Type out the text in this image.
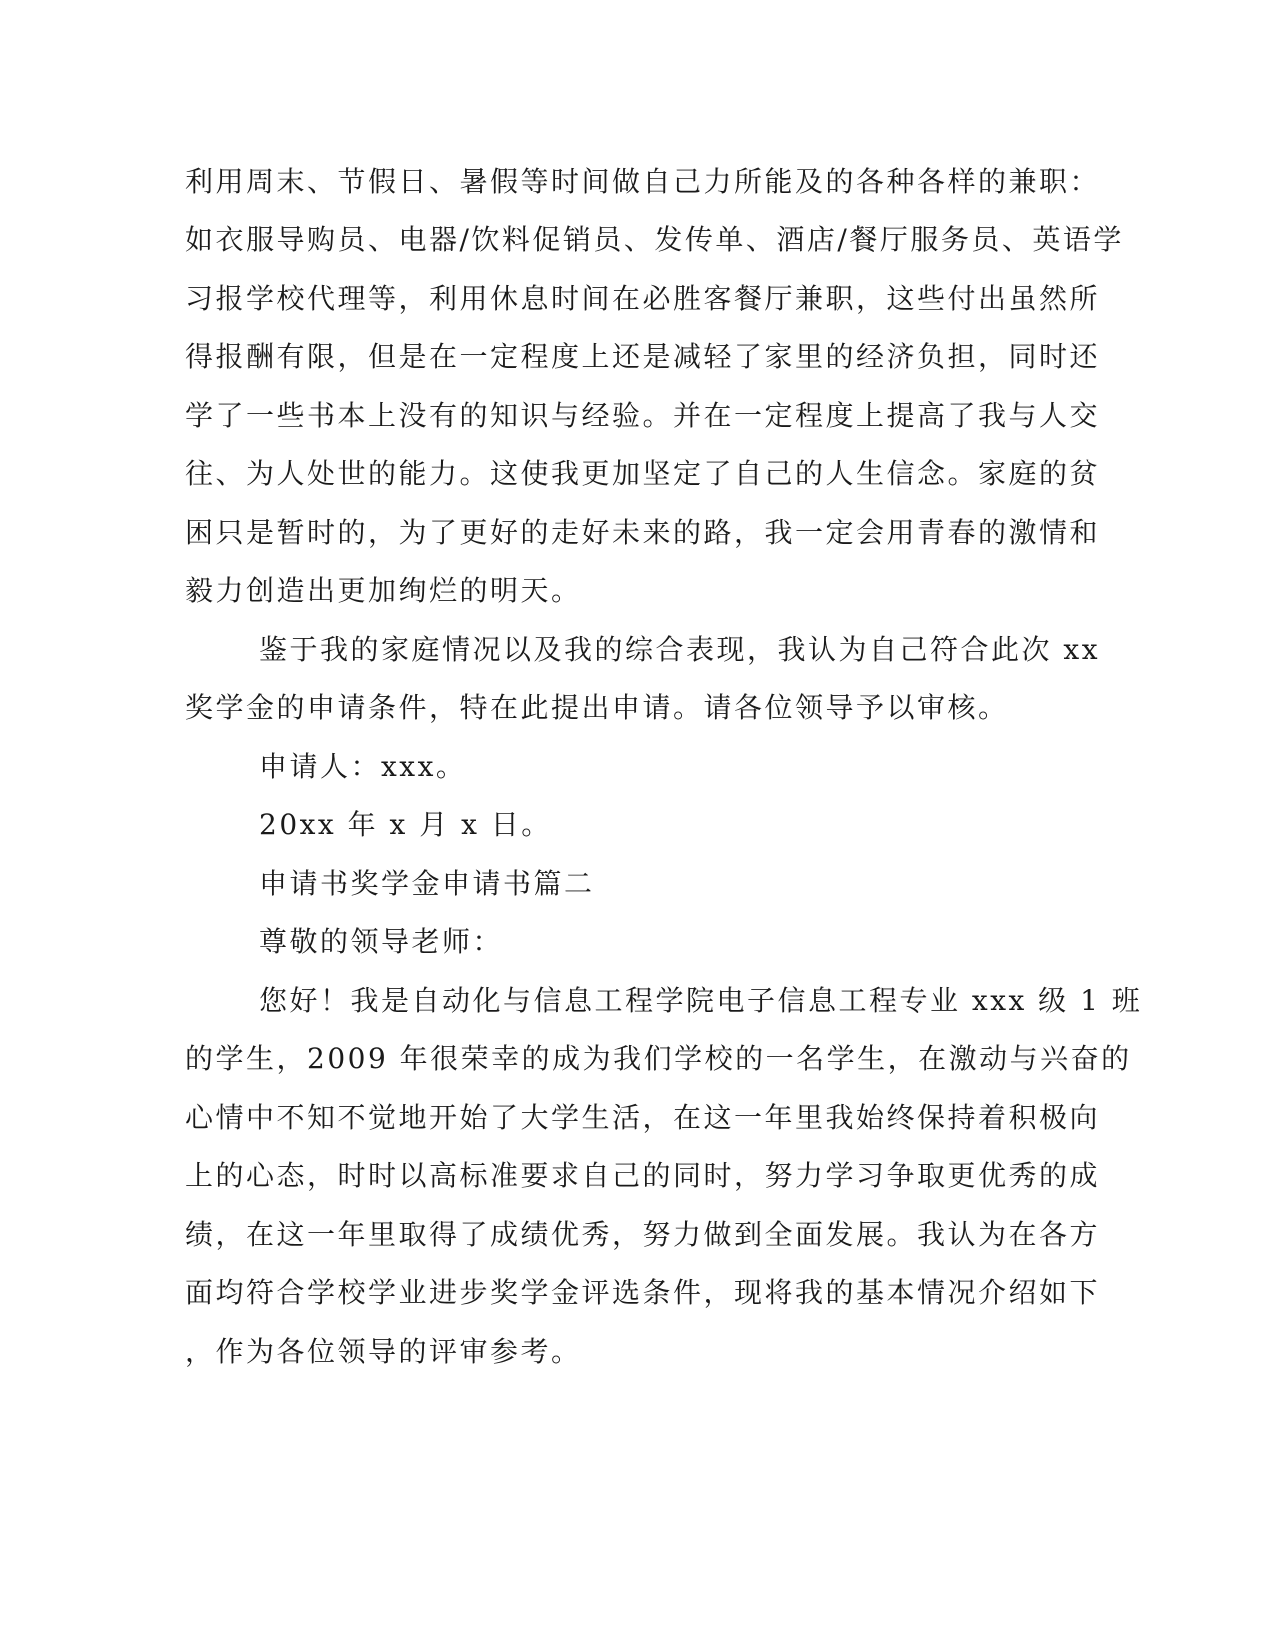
利用周末、节假日、暑假等时间做自己力所能及的各种各样的兼职：

如衣服导购员、电器/饮料促销员、发传单、酒店/餐厅服务员、英语学

习报学校代理等，利用休息时间在必胜客餐厅兼职，这些付出虽然所

得报酬有限，但是在一定程度上还是减轻了家里的经济负担，同时还

学了一些书本上没有的知识与经验。并在一定程度上提高了我与人交

往、为人处世的能力。这使我更加坚定了自己的人生信念。家庭的贫

困只是暂时的，为了更好的走好未来的路，我一定会用青春的激情和

毅力创造出更加绚烂的明天。

鉴于我的家庭情况以及我的综合表现，我认为自己符合此次 xx

奖学金的申请条件，特在此提出申请。请各位领导予以审核。

申请人：xxx。

20xx 年 x 月 x 日。

申请书奖学金申请书篇二

尊敬的领导老师：

您好！我是自动化与信息工程学院电子信息工程专业 xxx 级 1 班

的学生，2009 年很荣幸的成为我们学校的一名学生，在激动与兴奋的

心情中不知不觉地开始了大学生活，在这一年里我始终保持着积极向

上的心态，时时以高标准要求自己的同时，努力学习争取更优秀的成

绩，在这一年里取得了成绩优秀，努力做到全面发展。我认为在各方

面均符合学校学业进步奖学金评选条件，现将我的基本情况介绍如下

，作为各位领导的评审参考。
